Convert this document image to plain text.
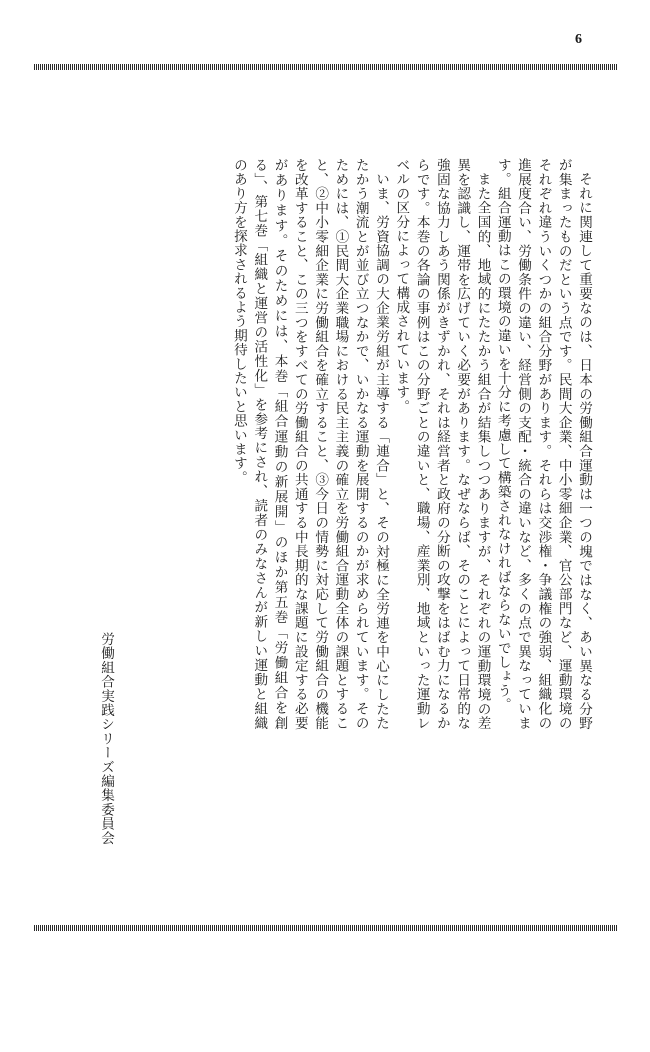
6

それに関連して重要なのは、日本の労働組合運動は一つの塊ではなく、あい異なる分野が集まったものだという点です。民間大企業、中小零細企業、官公部門など、運動環境のそれぞれ違ういくつかの組合分野があります。それらは交渉権・争議権の強弱、組織化の進展度合い、労働条件の違い、経営側の支配・統合の違いなど、多くの点で異なっています。組合運動はこの環境の違いを十分に考慮して構築されなければならないでしょう。

また全国的、地域的にたたかう組合が結集しつつありますが、それぞれの運動環境の差異を認識し、運帯を広げていく必要があります。なぜならば、そのことによって日常的な強固な協力しあう関係がきずかれ、それは経営者と政府の分断の攻撃をはばむ力になるからです。本巻の各論の事例はこの分野ごとの違いと、職場、産業別、地域といった運動レベルの区分によって構成されています。

いま、労資協調の大企業労組が主導する「連合」と、その対極に全労連を中心にしたたたかう潮流とが並び立つなかで、いかなる運動を展開するのかが求められています。そのためには、①民間大企業職場における民主主義の確立を労働組合運動全体の課題とすること、②中小零細企業に労働組合を確立すること、③今日の情勢に対応して労働組合の機能を改革すること、この三つをすべての労働組合の共通する中長期的な課題に設定する必要があります。そのためには、本巻「組合運動の新展開」のほか第五巻「労働組合を創る」、第七巻「組織と運営の活性化」を参考にされ、読者のみなさんが新しい運動と組織のあり方を探求されるよう期待したいと思います。

労働組合実践シリーズ編集委員会
